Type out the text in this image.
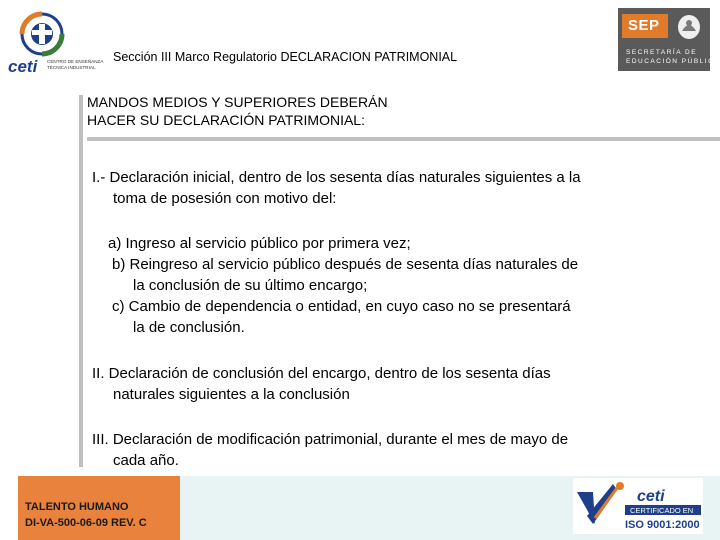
ceti CENTRO DE ENSEÑANZA
TÉCNICA INDUSTRIAL
Sección III Marco Regulatorio DECLARACION PATRIMONIAL
SEP
SECRETARÍA DE
EDUCACIÓN PÚBLICA
MANDOS MEDIOS Y SUPERIORES DEBERÁN
HACER SU DECLARACIÓN PATRIMONIAL:
I.- Declaración inicial, dentro de los sesenta días naturales siguientes a la
toma de posesión con motivo del:
a) Ingreso al servicio público por primera vez;
b) Reingreso al servicio público después de sesenta días naturales de
la conclusión de su último encargo;
c) Cambio de dependencia o entidad, en cuyo caso no se presentará
la de conclusión.
II. Declaración de conclusión del encargo, dentro de los sesenta días
naturales siguientes a la conclusión
III. Declaración de modificación patrimonial, durante el mes de mayo de
cada año.
TALENTO HUMANO
DI-VA-500-06-09 REV. C
ceti
CERTIFICADO EN
ISO 9001:2000
